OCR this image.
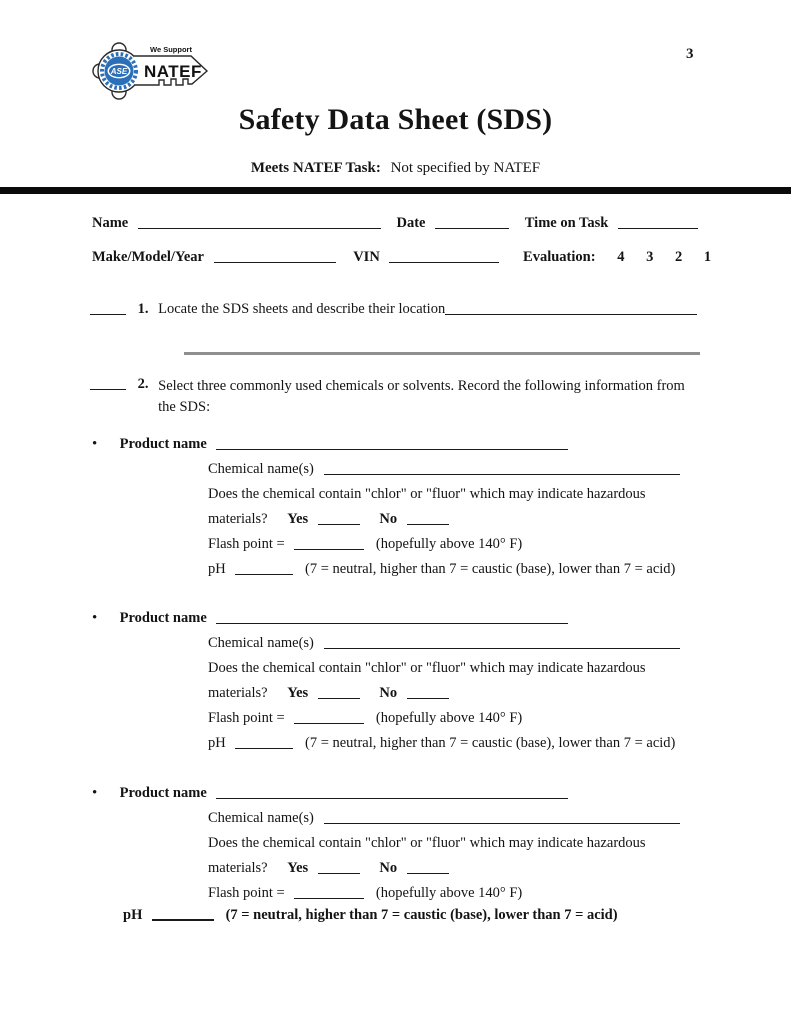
ASE
We Support
NATEF
3
Safety Data Sheet (SDS)
Meets NATEF Task: Not specified by NATEF
Name	Date	Time on Task
Make/Model/Year	VIN	Evaluation: 4 3 2 1
1. Locate the SDS sheets and describe their location
2. Select three commonly used chemicals or solvents. Record the following information from the SDS:
• Product name
Chemical name(s)
Does the chemical contain "chlor" or "fluor" which may indicate hazardous
materials? Yes	No
Flash point =	(hopefully above 140° F)
pH	(7 = neutral, higher than 7 = caustic (base), lower than 7 = acid)
• Product name
Chemical name(s)
Does the chemical contain "chlor" or "fluor" which may indicate hazardous
materials? Yes	No
Flash point =	(hopefully above 140° F)
pH	(7 = neutral, higher than 7 = caustic (base), lower than 7 = acid)
• Product name
Chemical name(s)
Does the chemical contain "chlor" or "fluor" which may indicate hazardous
materials? Yes	No
Flash point =	(hopefully above 140° F)
pH	(7 = neutral, higher than 7 = caustic (base), lower than 7 = acid)
